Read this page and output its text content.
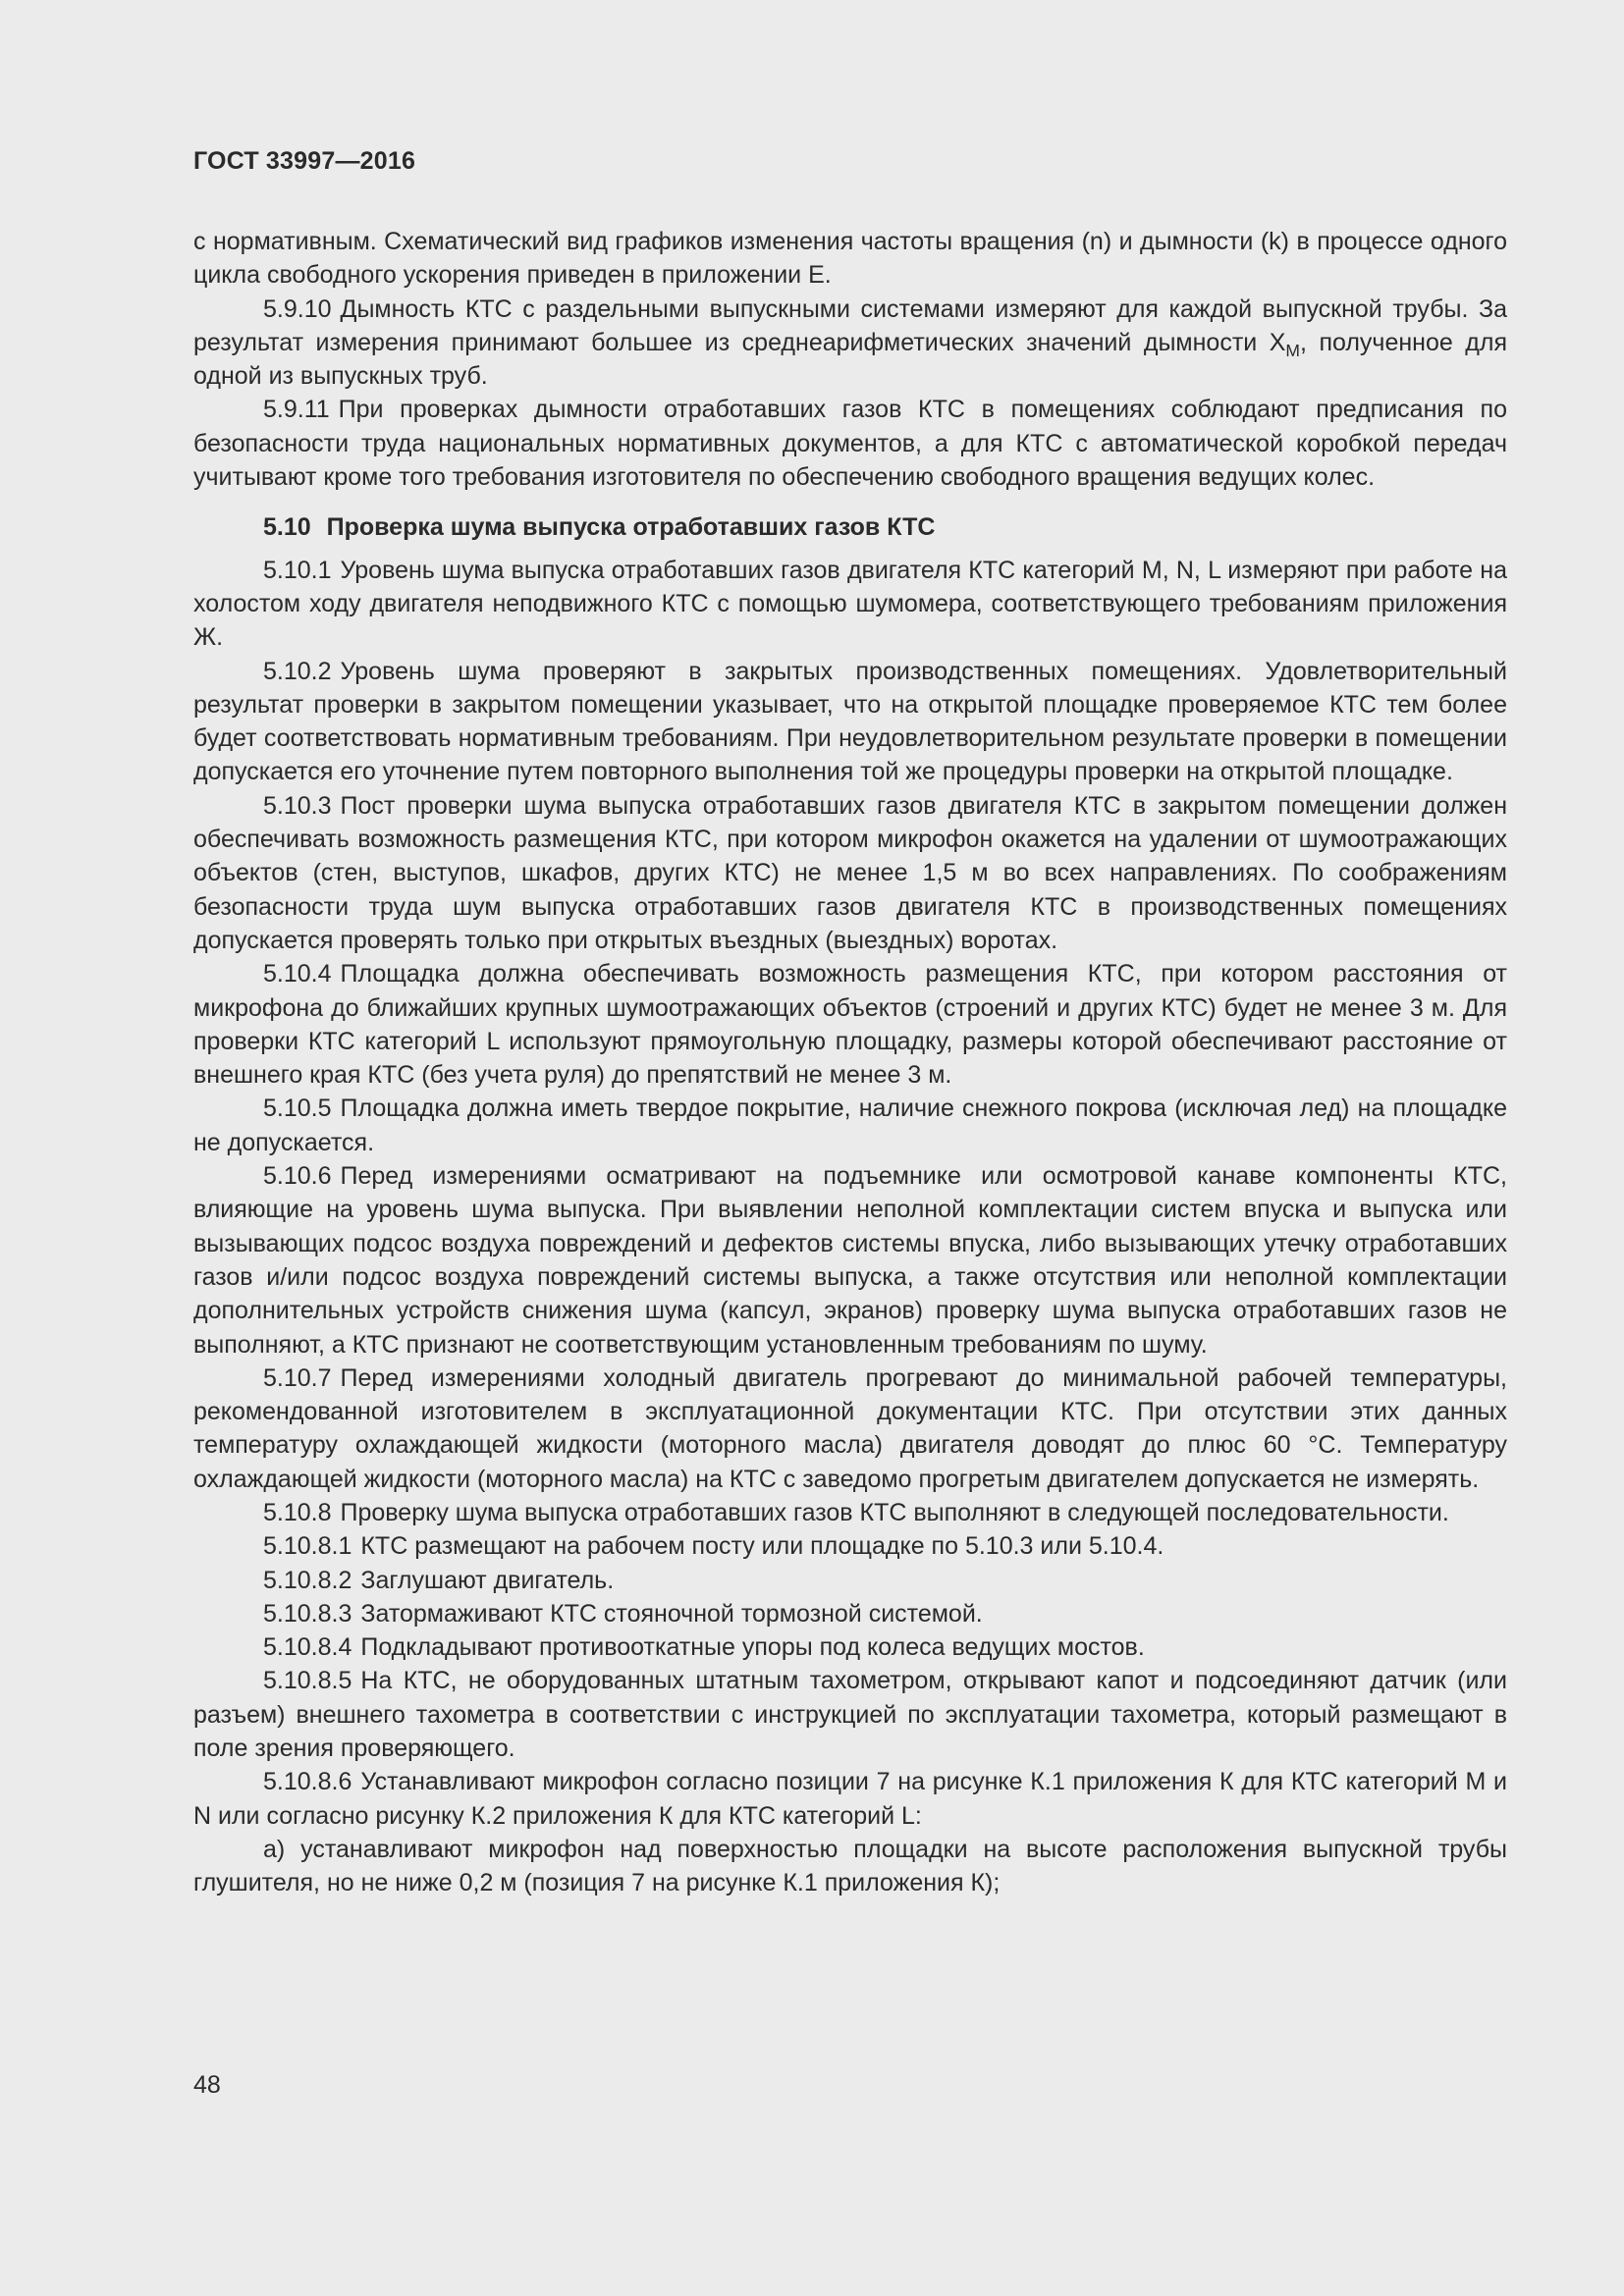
ГОСТ 33997—2016

с нормативным. Схематический вид графиков изменения частоты вращения (n) и дымности (k) в процессе одного цикла свободного ускорения приведен в приложении Е.

5.9.10 Дымность КТС с раздельными выпускными системами измеряют для каждой выпускной трубы. За результат измерения принимают большее из среднеарифметических значений дымности $X_M$, полученное для одной из выпускных труб.

5.9.11 При проверках дымности отработавших газов КТС в помещениях соблюдают предписания по безопасности труда национальных нормативных документов, а для КТС с автоматической коробкой передач учитывают кроме того требования изготовителя по обеспечению свободного вращения ведущих колес.

5.10 Проверка шума выпуска отработавших газов КТС

5.10.1 Уровень шума выпуска отработавших газов двигателя КТС категорий M, N, L измеряют при работе на холостом ходу двигателя неподвижного КТС с помощью шумомера, соответствующего требованиям приложения Ж.

5.10.2 Уровень шума проверяют в закрытых производственных помещениях. Удовлетворительный результат проверки в закрытом помещении указывает, что на открытой площадке проверяемое КТС тем более будет соответствовать нормативным требованиям. При неудовлетворительном результате проверки в помещении допускается его уточнение путем повторного выполнения той же процедуры проверки на открытой площадке.

5.10.3 Пост проверки шума выпуска отработавших газов двигателя КТС в закрытом помещении должен обеспечивать возможность размещения КТС, при котором микрофон окажется на удалении от шумоотражающих объектов (стен, выступов, шкафов, других КТС) не менее 1,5 м во всех направлениях. По соображениям безопасности труда шум выпуска отработавших газов двигателя КТС в производственных помещениях допускается проверять только при открытых въездных (выездных) воротах.

5.10.4 Площадка должна обеспечивать возможность размещения КТС, при котором расстояния от микрофона до ближайших крупных шумоотражающих объектов (строений и других КТС) будет не менее 3 м. Для проверки КТС категорий L используют прямоугольную площадку, размеры которой обеспечивают расстояние от внешнего края КТС (без учета руля) до препятствий не менее 3 м.

5.10.5 Площадка должна иметь твердое покрытие, наличие снежного покрова (исключая лед) на площадке не допускается.

5.10.6 Перед измерениями осматривают на подъемнике или осмотровой канаве компоненты КТС, влияющие на уровень шума выпуска. При выявлении неполной комплектации систем впуска и выпуска или вызывающих подсос воздуха повреждений и дефектов системы впуска, либо вызывающих утечку отработавших газов и/или подсос воздуха повреждений системы выпуска, а также отсутствия или неполной комплектации дополнительных устройств снижения шума (капсул, экранов) проверку шума выпуска отработавших газов не выполняют, а КТС признают не соответствующим установленным требованиям по шуму.

5.10.7 Перед измерениями холодный двигатель прогревают до минимальной рабочей температуры, рекомендованной изготовителем в эксплуатационной документации КТС. При отсутствии этих данных температуру охлаждающей жидкости (моторного масла) двигателя доводят до плюс 60 °С. Температуру охлаждающей жидкости (моторного масла) на КТС с заведомо прогретым двигателем допускается не измерять.

5.10.8 Проверку шума выпуска отработавших газов КТС выполняют в следующей последовательности.

5.10.8.1 КТС размещают на рабочем посту или площадке по 5.10.3 или 5.10.4.

5.10.8.2 Заглушают двигатель.

5.10.8.3 Затормаживают КТС стояночной тормозной системой.

5.10.8.4 Подкладывают противооткатные упоры под колеса ведущих мостов.

5.10.8.5 На КТС, не оборудованных штатным тахометром, открывают капот и подсоединяют датчик (или разъем) внешнего тахометра в соответствии с инструкцией по эксплуатации тахометра, который размещают в поле зрения проверяющего.

5.10.8.6 Устанавливают микрофон согласно позиции 7 на рисунке К.1 приложения К для КТС категорий M и N или согласно рисунку К.2 приложения К для КТС категорий L:

а) устанавливают микрофон над поверхностью площадки на высоте расположения выпускной трубы глушителя, но не ниже 0,2 м (позиция 7 на рисунке К.1 приложения К);

48
